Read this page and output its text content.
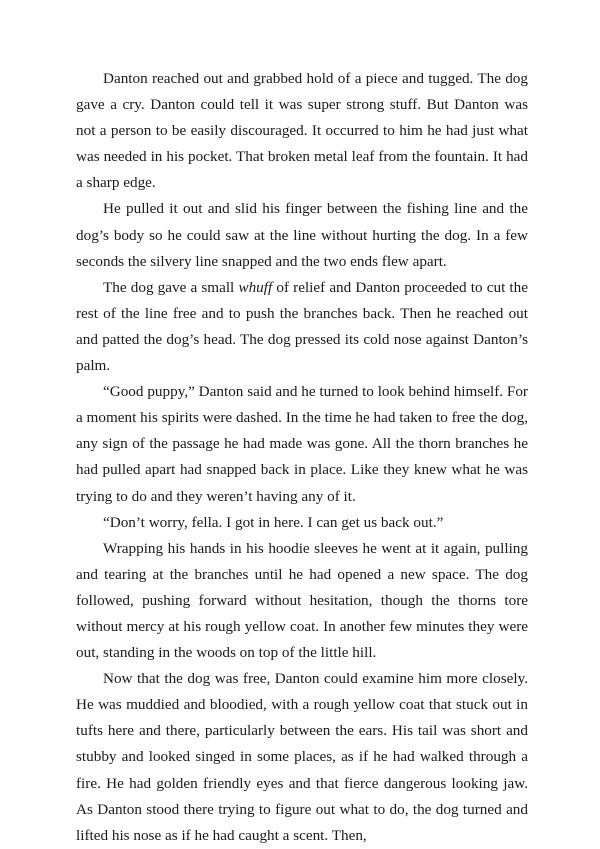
Danton reached out and grabbed hold of a piece and tugged. The dog gave a cry. Danton could tell it was super strong stuff. But Danton was not a person to be easily discouraged. It occurred to him he had just what was needed in his pocket. That broken metal leaf from the fountain. It had a sharp edge.

He pulled it out and slid his finger between the fishing line and the dog’s body so he could saw at the line without hurting the dog. In a few seconds the silvery line snapped and the two ends flew apart.

The dog gave a small whuff of relief and Danton proceeded to cut the rest of the line free and to push the branches back. Then he reached out and patted the dog’s head. The dog pressed its cold nose against Danton’s palm.

“Good puppy,” Danton said and he turned to look behind himself. For a moment his spirits were dashed. In the time he had taken to free the dog, any sign of the passage he had made was gone. All the thorn branches he had pulled apart had snapped back in place. Like they knew what he was trying to do and they weren’t having any of it.

“Don’t worry, fella. I got in here. I can get us back out.”

Wrapping his hands in his hoodie sleeves he went at it again, pulling and tearing at the branches until he had opened a new space. The dog followed, pushing forward without hesitation, though the thorns tore without mercy at his rough yellow coat. In another few minutes they were out, standing in the woods on top of the little hill.

Now that the dog was free, Danton could examine him more closely. He was muddied and bloodied, with a rough yellow coat that stuck out in tufts here and there, particularly between the ears. His tail was short and stubby and looked singed in some places, as if he had walked through a fire. He had golden friendly eyes and that fierce dangerous looking jaw. As Danton stood there trying to figure out what to do, the dog turned and lifted his nose as if he had caught a scent. Then,
